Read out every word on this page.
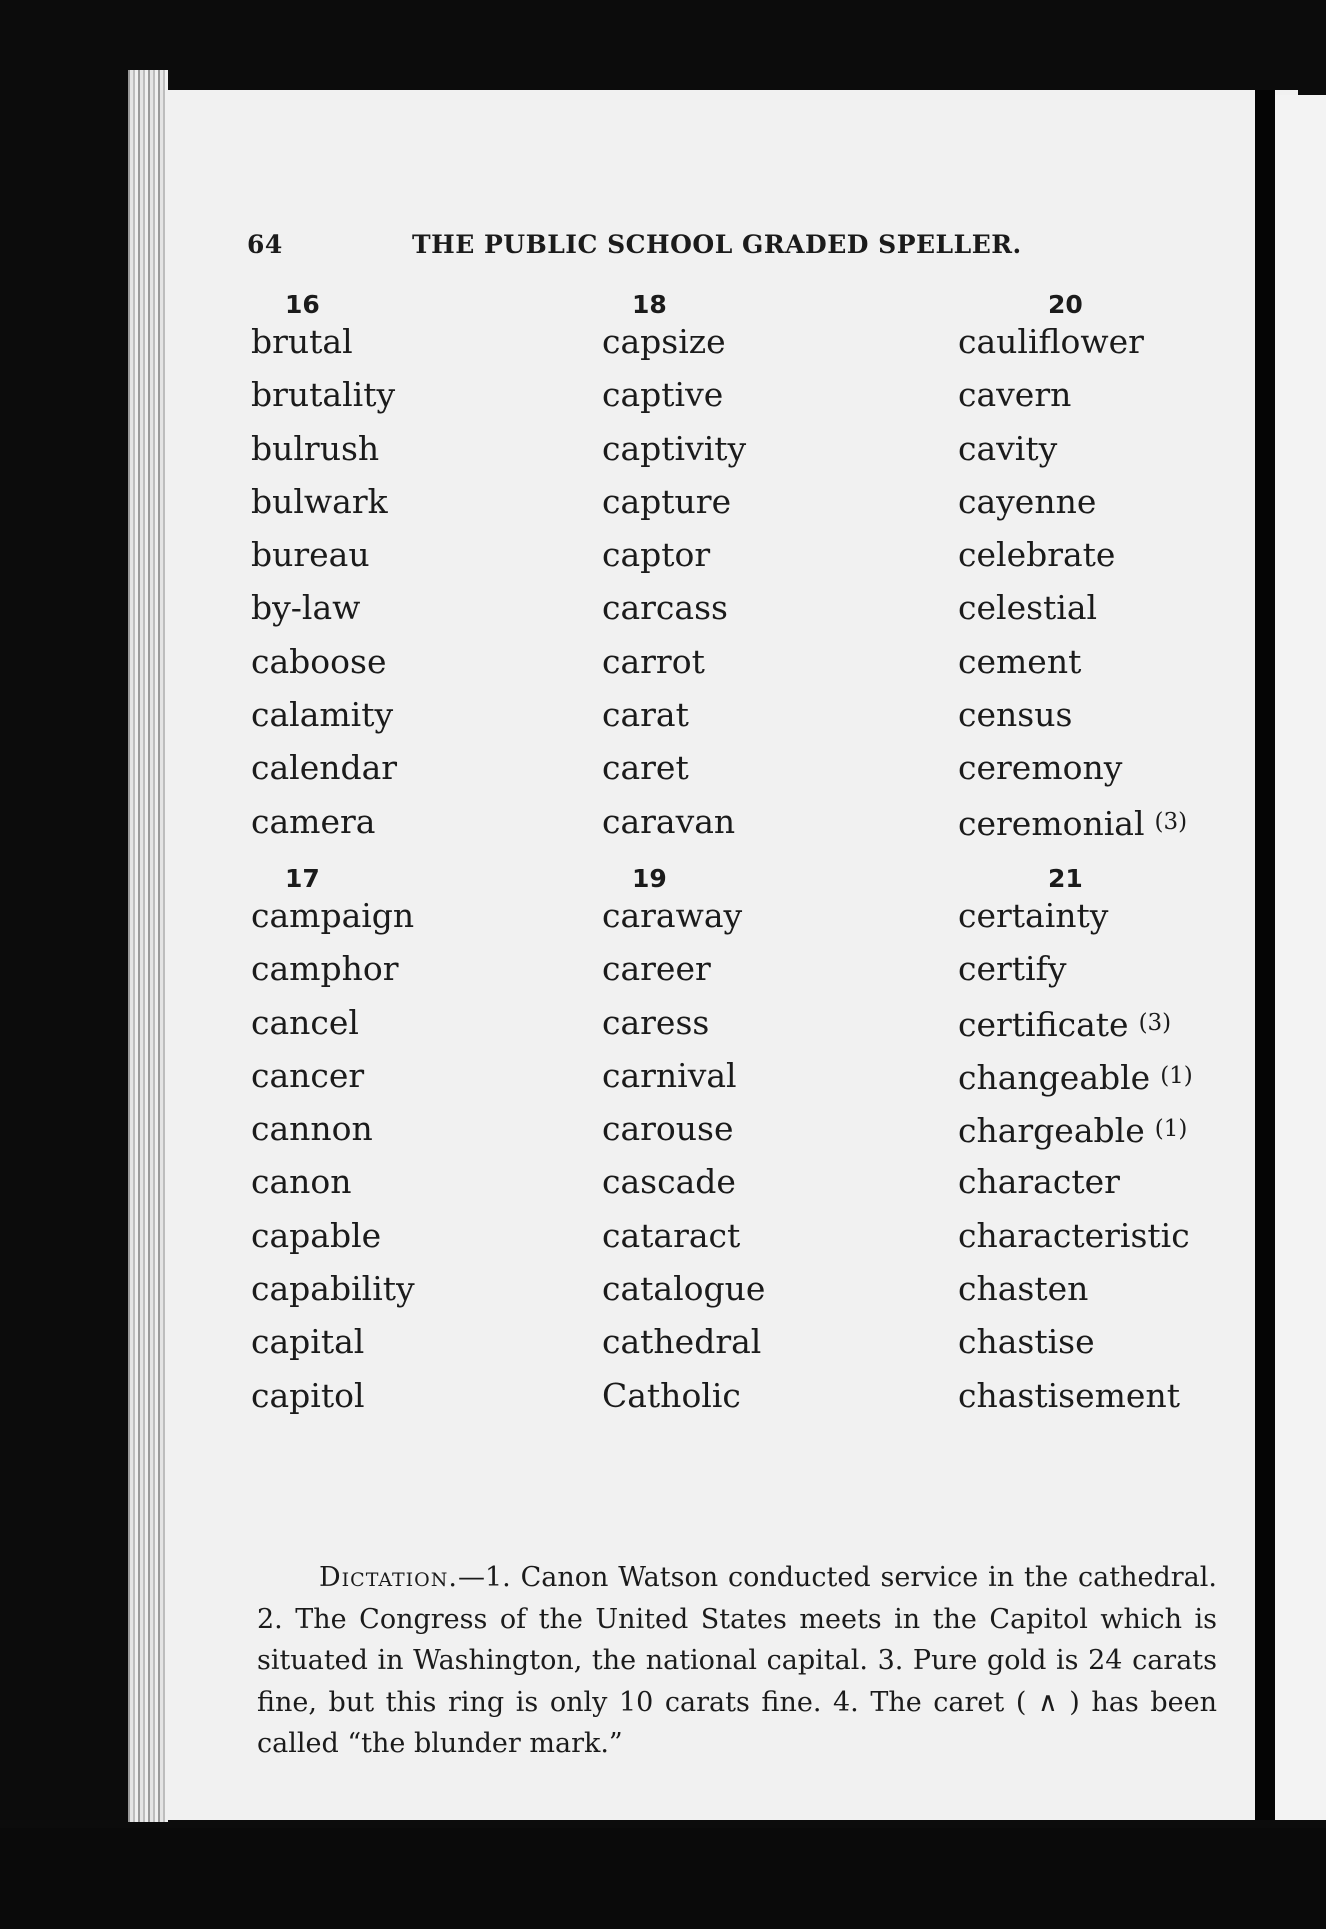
64	THE PUBLIC SCHOOL GRADED SPELLER.
16
brutal
brutality
bulrush
bulwark
bureau
by-law
caboose
calamity
calendar
camera
17
campaign
camphor
cancel
cancer
cannon
canon
capable
capability
capital
capitol
18
capsize
captive
captivity
capture
captor
carcass
carrot
carat
caret
caravan
19
caraway
career
caress
carnival
carouse
cascade
cataract
catalogue
cathedral
Catholic
20
cauliflower
cavern
cavity
cayenne
celebrate
celestial
cement
census
ceremony
ceremonial (3)
21
certainty
certify
certificate (3)
changeable (1)
chargeable (1)
character
characteristic
chasten
chastise
chastisement

Dictation.—1. Canon Watson conducted service in the cathedral. 2. The Congress of the United States meets in the Capitol which is situated in Washington, the national capital. 3. Pure gold is 24 carats fine, but this ring is only 10 carats fine. 4. The caret ( ∧ ) has been called “the blunder mark.”
